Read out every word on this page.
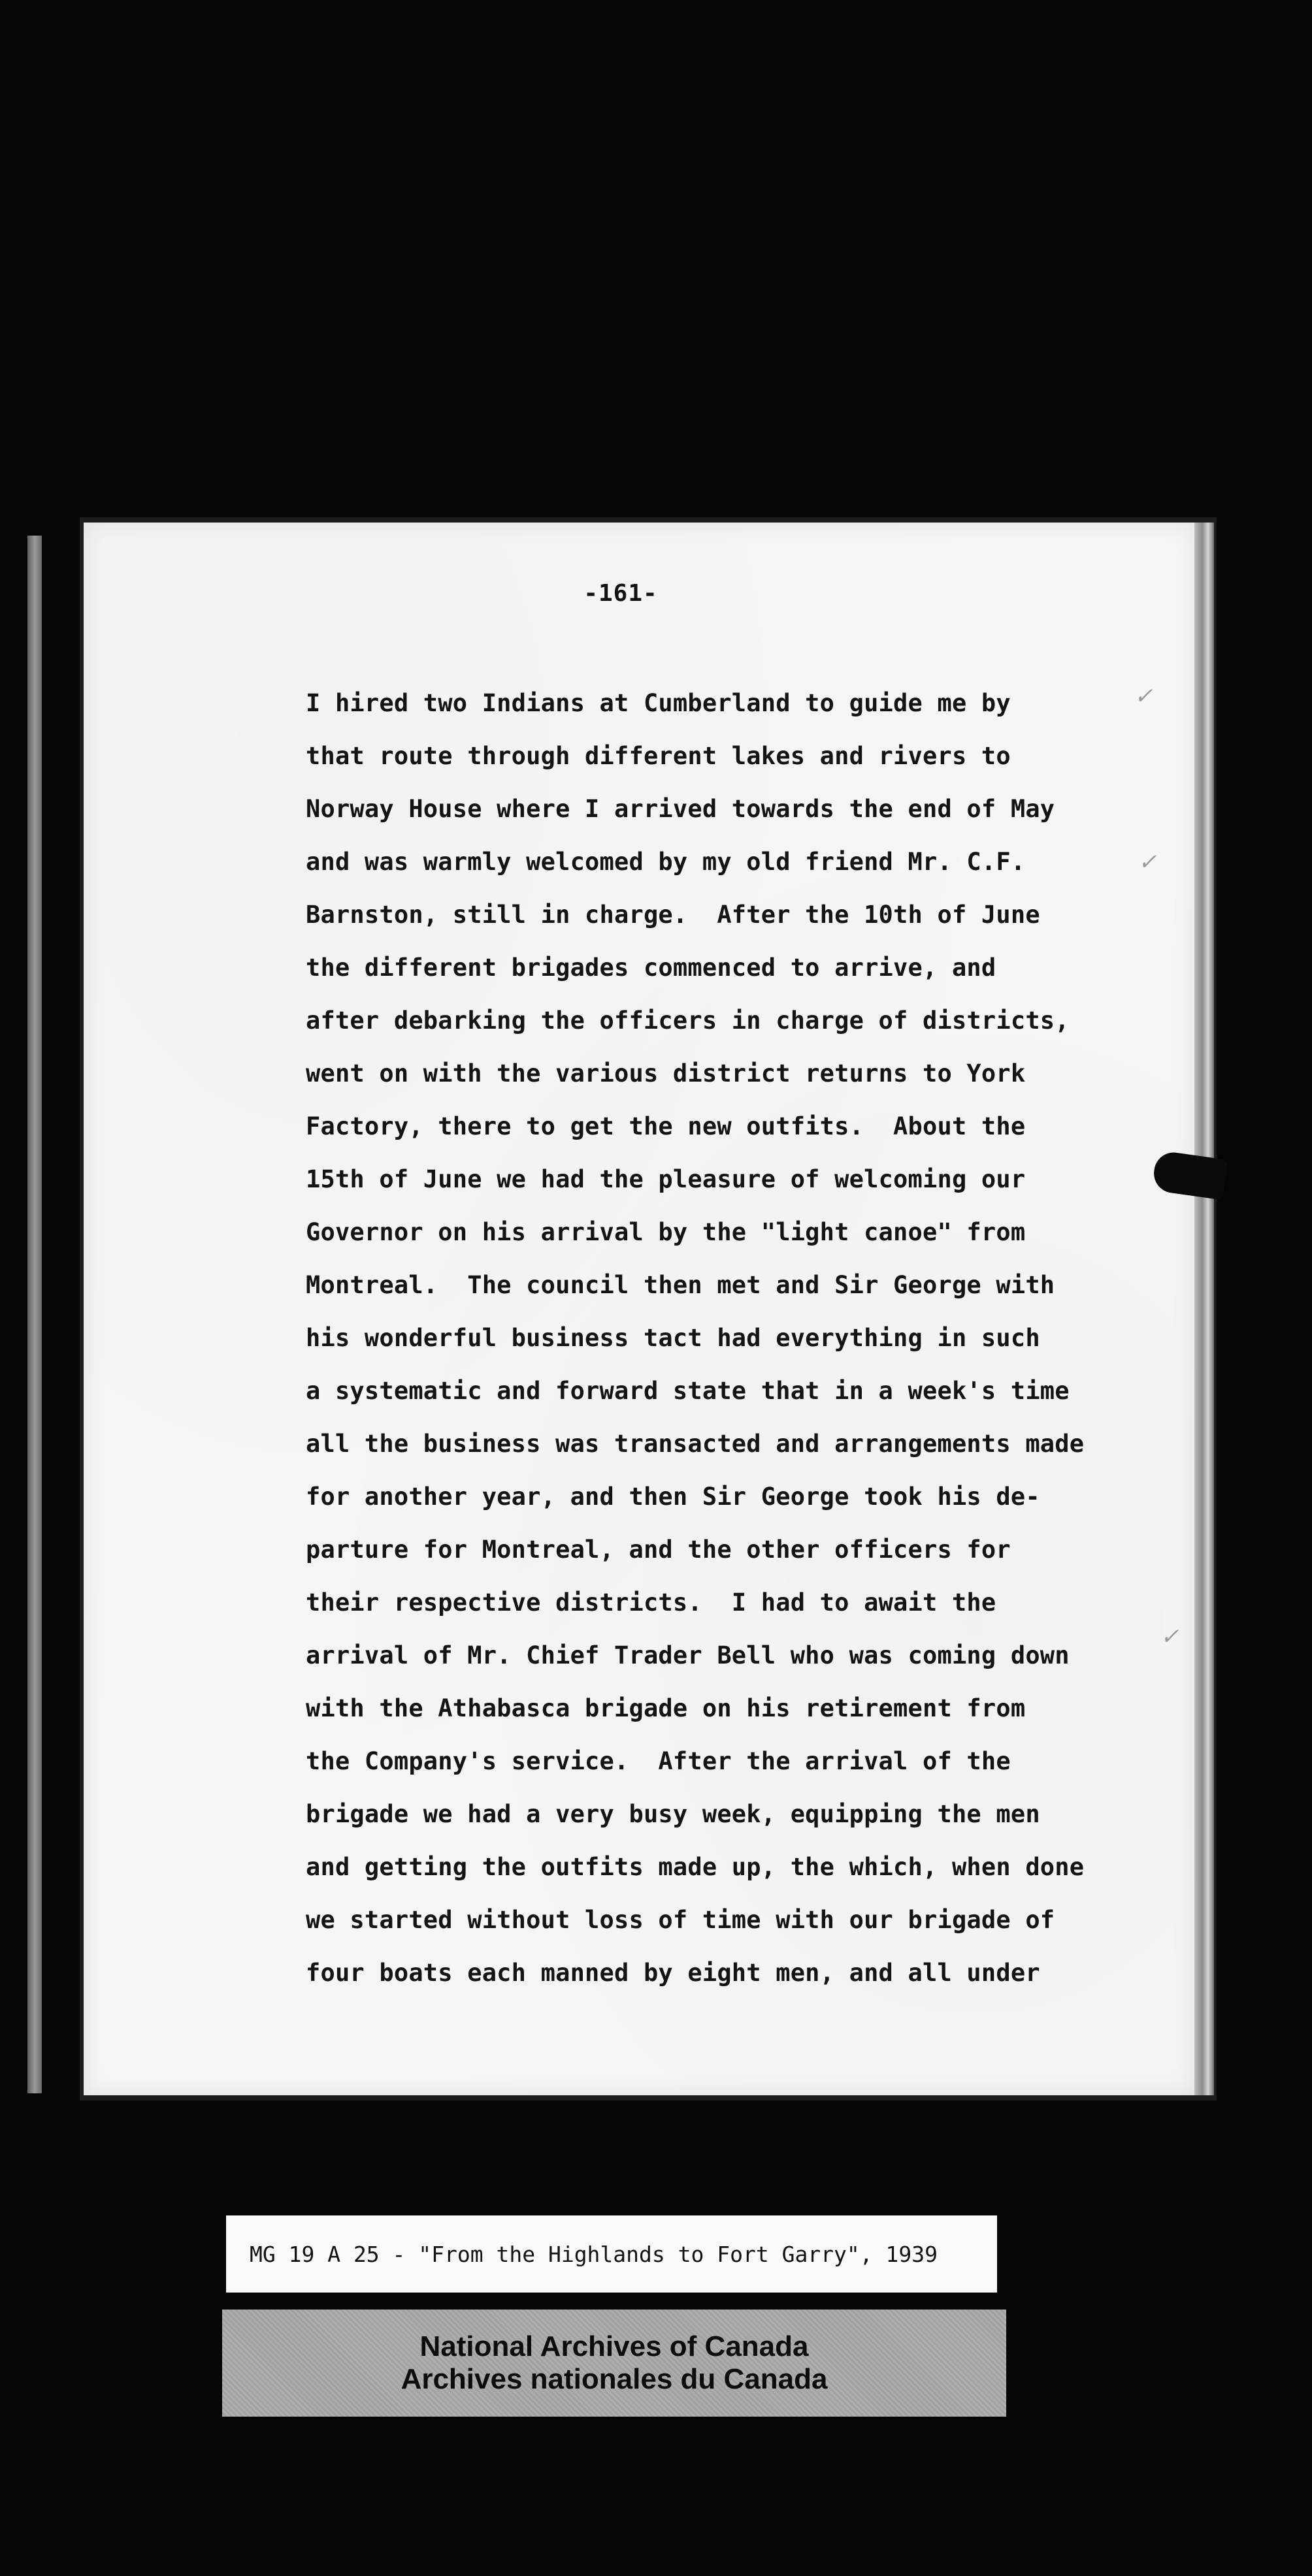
-161-
I hired two Indians at Cumberland to guide me by
that route through different lakes and rivers to
Norway House where I arrived towards the end of May
and was warmly welcomed by my old friend Mr. C.F.
Barnston, still in charge.  After the 10th of June
the different brigades commenced to arrive, and
after debarking the officers in charge of districts,
went on with the various district returns to York
Factory, there to get the new outfits.  About the
15th of June we had the pleasure of welcoming our
Governor on his arrival by the "light canoe" from
Montreal.  The council then met and Sir George with
his wonderful business tact had everything in such
a systematic and forward state that in a week's time
all the business was transacted and arrangements made
for another year, and then Sir George took his de-
parture for Montreal, and the other officers for
their respective districts.  I had to await the
arrival of Mr. Chief Trader Bell who was coming down
with the Athabasca brigade on his retirement from
the Company's service.  After the arrival of the
brigade we had a very busy week, equipping the men
and getting the outfits made up, the which, when done
we started without loss of time with our brigade of
four boats each manned by eight men, and all under
✓
✓
✓
MG 19 A 25 - "From the Highlands to Fort Garry", 1939
National Archives of Canada
Archives nationales du Canada
